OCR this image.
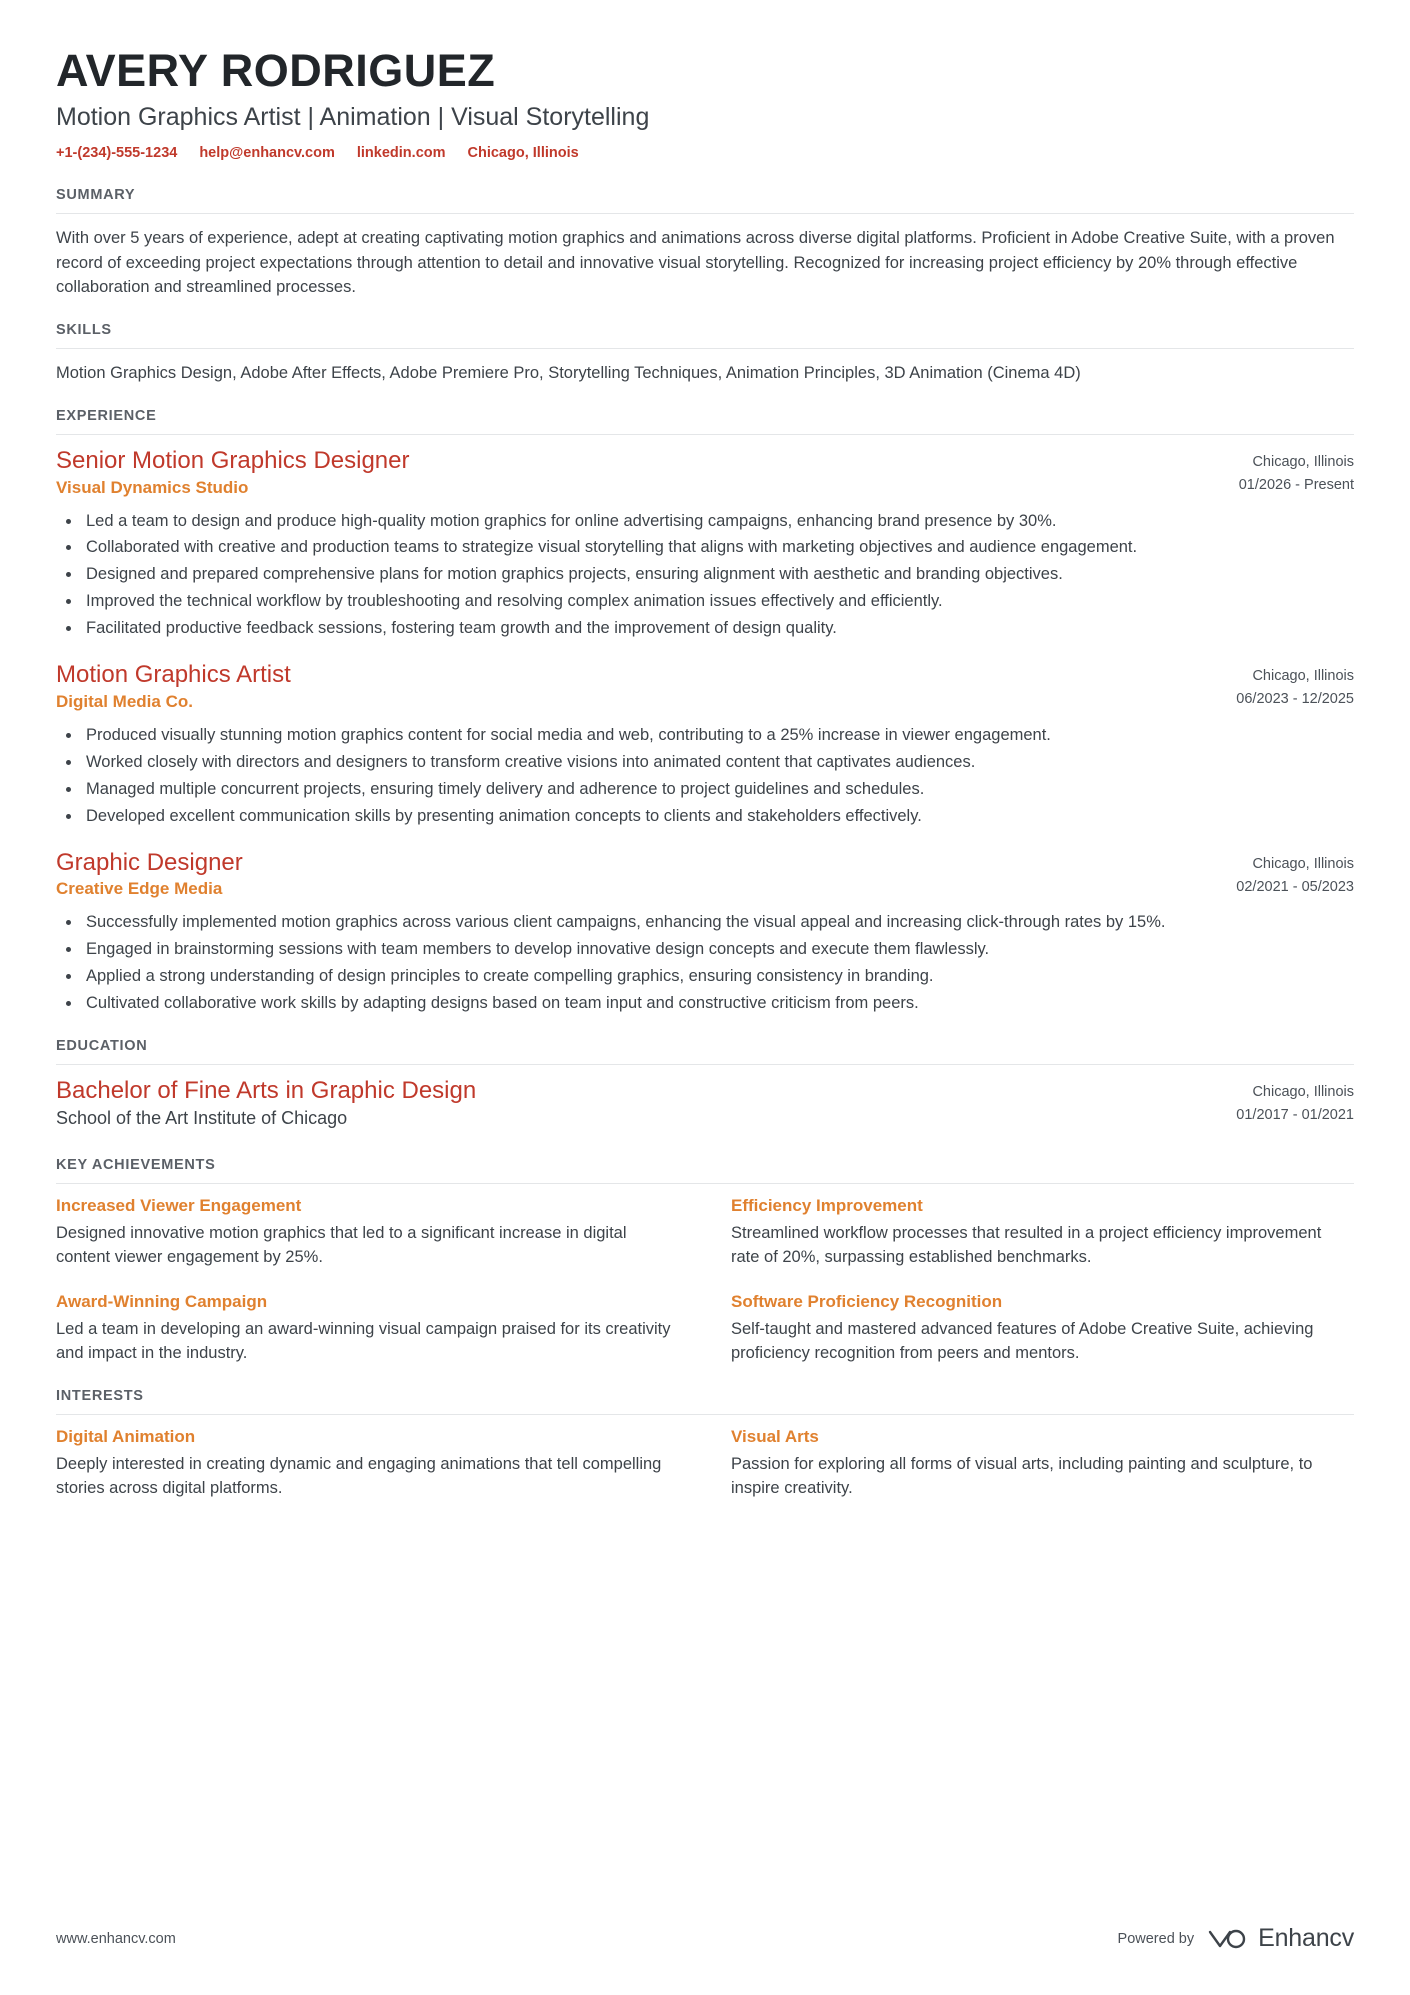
AVERY RODRIGUEZ
Motion Graphics Artist | Animation | Visual Storytelling
+1-(234)-555-1234 help@enhancv.com linkedin.com Chicago, Illinois
SUMMARY
With over 5 years of experience, adept at creating captivating motion graphics and animations across diverse digital platforms. Proficient in Adobe Creative Suite, with a proven record of exceeding project expectations through attention to detail and innovative visual storytelling. Recognized for increasing project efficiency by 20% through effective collaboration and streamlined processes.
SKILLS
Motion Graphics Design, Adobe After Effects, Adobe Premiere Pro, Storytelling Techniques, Animation Principles, 3D Animation (Cinema 4D)
EXPERIENCE
Senior Motion Graphics Designer
Visual Dynamics Studio
Chicago, Illinois
01/2026 - Present
• Led a team to design and produce high-quality motion graphics for online advertising campaigns, enhancing brand presence by 30%.
• Collaborated with creative and production teams to strategize visual storytelling that aligns with marketing objectives and audience engagement.
• Designed and prepared comprehensive plans for motion graphics projects, ensuring alignment with aesthetic and branding objectives.
• Improved the technical workflow by troubleshooting and resolving complex animation issues effectively and efficiently.
• Facilitated productive feedback sessions, fostering team growth and the improvement of design quality.
Motion Graphics Artist
Digital Media Co.
Chicago, Illinois
06/2023 - 12/2025
• Produced visually stunning motion graphics content for social media and web, contributing to a 25% increase in viewer engagement.
• Worked closely with directors and designers to transform creative visions into animated content that captivates audiences.
• Managed multiple concurrent projects, ensuring timely delivery and adherence to project guidelines and schedules.
• Developed excellent communication skills by presenting animation concepts to clients and stakeholders effectively.
Graphic Designer
Creative Edge Media
Chicago, Illinois
02/2021 - 05/2023
• Successfully implemented motion graphics across various client campaigns, enhancing the visual appeal and increasing click-through rates by 15%.
• Engaged in brainstorming sessions with team members to develop innovative design concepts and execute them flawlessly.
• Applied a strong understanding of design principles to create compelling graphics, ensuring consistency in branding.
• Cultivated collaborative work skills by adapting designs based on team input and constructive criticism from peers.
EDUCATION
Bachelor of Fine Arts in Graphic Design
School of the Art Institute of Chicago
Chicago, Illinois
01/2017 - 01/2021
KEY ACHIEVEMENTS
Increased Viewer Engagement
Designed innovative motion graphics that led to a significant increase in digital content viewer engagement by 25%.
Efficiency Improvement
Streamlined workflow processes that resulted in a project efficiency improvement rate of 20%, surpassing established benchmarks.
Award-Winning Campaign
Led a team in developing an award-winning visual campaign praised for its creativity and impact in the industry.
Software Proficiency Recognition
Self-taught and mastered advanced features of Adobe Creative Suite, achieving proficiency recognition from peers and mentors.
INTERESTS
Digital Animation
Deeply interested in creating dynamic and engaging animations that tell compelling stories across digital platforms.
Visual Arts
Passion for exploring all forms of visual arts, including painting and sculpture, to inspire creativity.
www.enhancv.com	Powered by	Enhancv
